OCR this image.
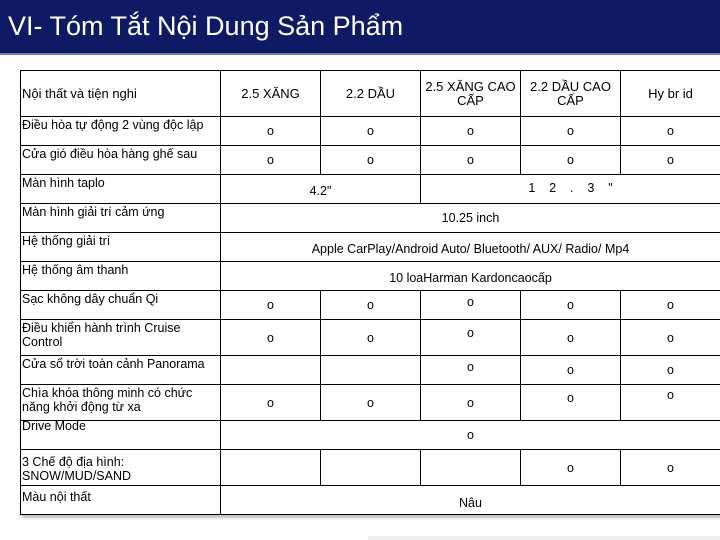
VI- Tóm Tắt Nội Dung Sản Phẩm
Nội thất và tiện nghi	2.5 XĂNG	2.2 DẦU	2.5 XĂNG CAO CẤP	2.2 DẦU CAO CẤP	Hy br id
Điều hòa tự động 2 vùng độc lập	o	o	o	o	o
Cửa gió điều hòa hàng ghế sau	o	o	o	o	o
Màn hình taplo	4.2"		1    2    .    3    "		
Màn hình giải trí cảm ứng	10.25 inch				
Hệ thống giải trí	Apple CarPlay/Android Auto/ Bluetooth/ AUX/ Radio/ Mp4				
Hệ thống âm thanh	10 loaHarman Kardoncaocấp				
Sạc không dây chuẩn Qi	o	o	o	o	o
Điều khiển hành trình Cruise Control	o	o	o	o	o
Cửa sổ trời toàn cảnh Panorama			o	o	o
Chìa khóa thông minh có chức năng khởi động từ xa	o	o	o	o	o
Drive Mode	o				
3 Chế độ địa hình: SNOW/MUD/SAND				o	o
Màu nội thất	Nâu				
